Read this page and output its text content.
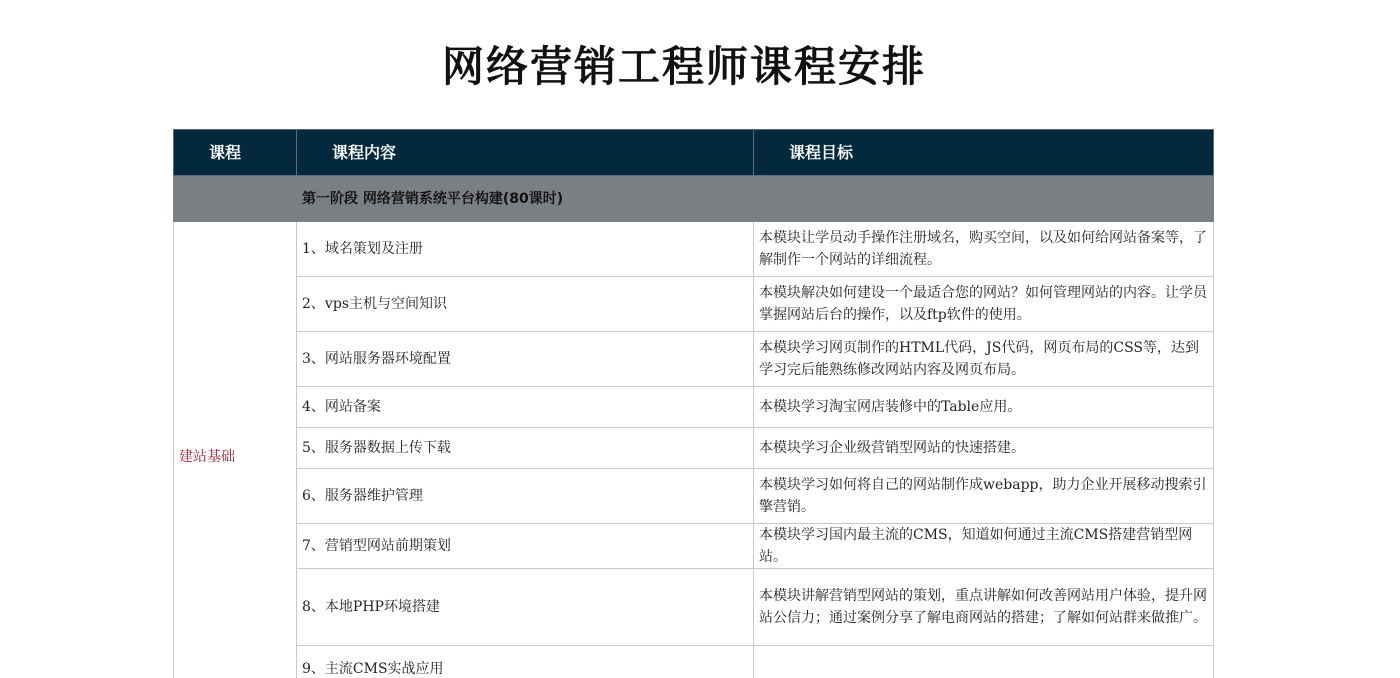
网络营销工程师课程安排
课程	课程内容	课程目标
	第一阶段 网络营销系统平台构建(80课时)	
建站基础	1、域名策划及注册	本模块让学员动手操作注册域名，购买空间，以及如何给网站备案等，了解制作一个网站的详细流程。
	2、vps主机与空间知识	本模块解决如何建设一个最适合您的网站？如何管理网站的内容。让学员掌握网站后台的操作，以及ftp软件的使用。
	3、网站服务器环境配置	本模块学习网页制作的HTML代码，JS代码，网页布局的CSS等，达到学习完后能熟练修改网站内容及网页布局。
	4、网站备案	本模块学习淘宝网店装修中的Table应用。
	5、服务器数据上传下载	本模块学习企业级营销型网站的快速搭建。
	6、服务器维护管理	本模块学习如何将自己的网站制作成webapp，助力企业开展移动搜索引擎营销。
	7、营销型网站前期策划	本模块学习国内最主流的CMS，知道如何通过主流CMS搭建营销型网站。
	8、本地PHP环境搭建	本模块讲解营销型网站的策划，重点讲解如何改善网站用户体验，提升网站公信力；通过案例分享了解电商网站的搭建；了解如何站群来做推广。
	9、主流CMS实战应用	
